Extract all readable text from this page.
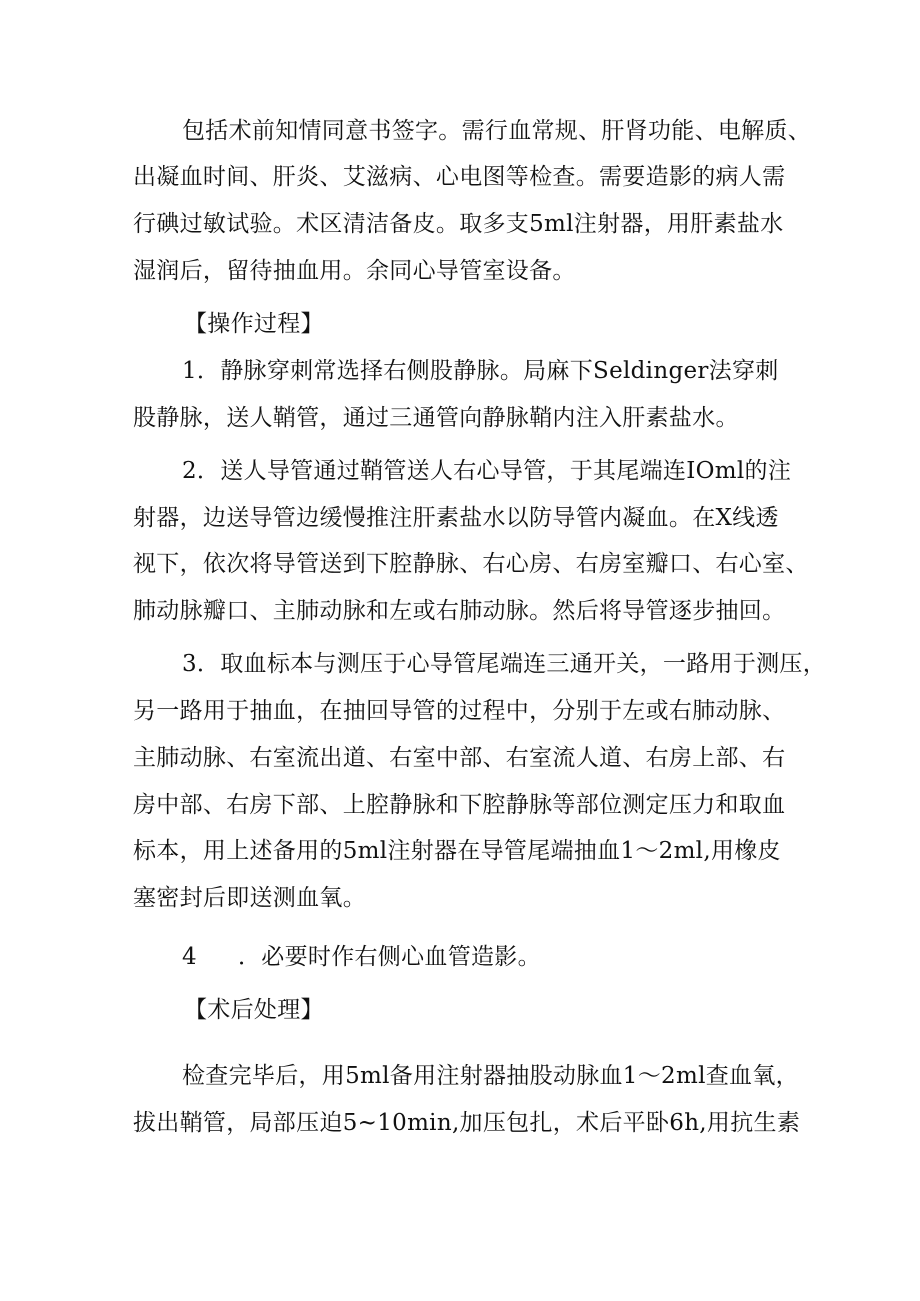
包括术前知情同意书签字。需行血常规、肝肾功能、电解质、
出凝血时间、肝炎、艾滋病、心电图等检查。需要造影的病人需
行碘过敏试验。术区清洁备皮。取多支5ml注射器，用肝素盐水
湿润后，留待抽血用。余同心导管室设备。
【操作过程】
1．静脉穿刺常选择右侧股静脉。局麻下Seldinger法穿刺
股静脉，送人鞘管，通过三通管向静脉鞘内注入肝素盐水。
2．送人导管通过鞘管送人右心导管，于其尾端连IOml的注
射器，边送导管边缓慢推注肝素盐水以防导管内凝血。在X线透
视下，依次将导管送到下腔静脉、右心房、右房室瓣口、右心室、
肺动脉瓣口、主肺动脉和左或右肺动脉。然后将导管逐步抽回。
3．取血标本与测压于心导管尾端连三通开关，一路用于测压，
另一路用于抽血，在抽回导管的过程中，分别于左或右肺动脉、
主肺动脉、右室流出道、右室中部、右室流人道、右房上部、右
房中部、右房下部、上腔静脉和下腔静脉等部位测定压力和取血
标本，用上述备用的5ml注射器在导管尾端抽血1～2ml,用橡皮
塞密封后即送测血氧。
4 ．必要时作右侧心血管造影。
【术后处理】
检查完毕后，用5ml备用注射器抽股动脉血1～2ml查血氧，
拔出鞘管，局部压迫5~10min,加压包扎，术后平卧6h,用抗生素
